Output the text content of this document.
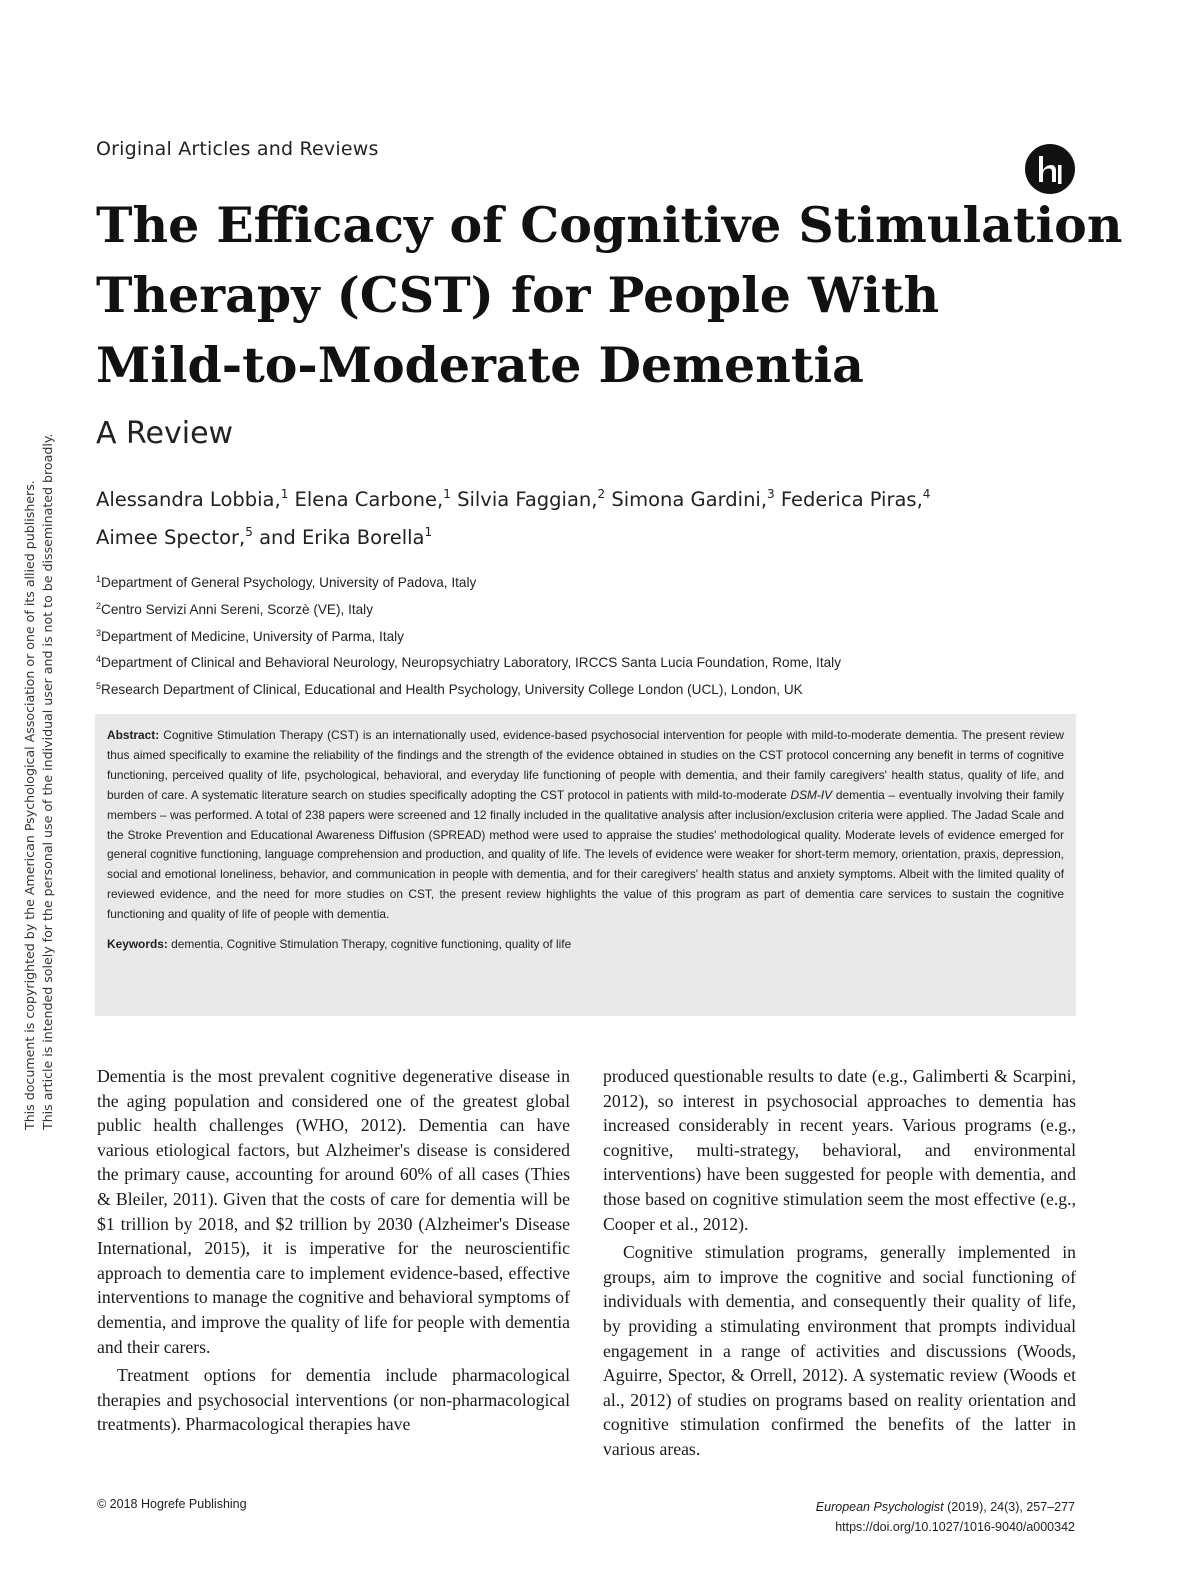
This document is copyrighted by the American Psychological Association or one of its allied publishers. This article is intended solely for the personal use of the individual user and is not to be disseminated broadly.
Original Articles and Reviews
The Efficacy of Cognitive Stimulation
Therapy (CST) for People With
Mild-to-Moderate Dementia
A Review
Alessandra Lobbia,$^1$ Elena Carbone,$^1$ Silvia Faggian,$^2$ Simona Gardini,$^3$ Federica Piras,$^4$
Aimee Spector,$^5$ and Erika Borella$^1$
$^1$Department of General Psychology, University of Padova, Italy
$^2$Centro Servizi Anni Sereni, Scorzè (VE), Italy
$^3$Department of Medicine, University of Parma, Italy
$^4$Department of Clinical and Behavioral Neurology, Neuropsychiatry Laboratory, IRCCS Santa Lucia Foundation, Rome, Italy
$^5$Research Department of Clinical, Educational and Health Psychology, University College London (UCL), London, UK

Abstract: Cognitive Stimulation Therapy (CST) is an internationally used, evidence-based psychosocial intervention for people with mild-to-moderate dementia. The present review thus aimed specifically to examine the reliability of the findings and the strength of the evidence obtained in studies on the CST protocol concerning any benefit in terms of cognitive functioning, perceived quality of life, psychological, behavioral, and everyday life functioning of people with dementia, and their family caregivers' health status, quality of life, and burden of care. A systematic literature search on studies specifically adopting the CST protocol in patients with mild-to-moderate DSM-IV dementia – eventually involving their family members – was performed. A total of 238 papers were screened and 12 finally included in the qualitative analysis after inclusion/exclusion criteria were applied. The Jadad Scale and the Stroke Prevention and Educational Awareness Diffusion (SPREAD) method were used to appraise the studies' methodological quality. Moderate levels of evidence emerged for general cognitive functioning, language comprehension and production, and quality of life. The levels of evidence were weaker for short-term memory, orientation, praxis, depression, social and emotional loneliness, behavior, and communication in people with dementia, and for their caregivers' health status and anxiety symptoms. Albeit with the limited quality of reviewed evidence, and the need for more studies on CST, the present review highlights the value of this program as part of dementia care services to sustain the cognitive functioning and quality of life of people with dementia.

Keywords: dementia, Cognitive Stimulation Therapy, cognitive functioning, quality of life

Dementia is the most prevalent cognitive degenerative disease in the aging population and considered one of the greatest global public health challenges (WHO, 2012). Dementia can have various etiological factors, but Alzheimer's disease is considered the primary cause, accounting for around 60% of all cases (Thies & Bleiler, 2011). Given that the costs of care for dementia will be $1 trillion by 2018, and $2 trillion by 2030 (Alzheimer's Disease International, 2015), it is imperative for the neuroscientific approach to dementia care to implement evidence-based, effective interventions to manage the cognitive and behavioral symptoms of dementia, and improve the quality of life for people with dementia and their carers.

Treatment options for dementia include pharmacological therapies and psychosocial interventions (or non-pharmacological treatments). Pharmacological therapies have

produced questionable results to date (e.g., Galimberti & Scarpini, 2012), so interest in psychosocial approaches to dementia has increased considerably in recent years. Various programs (e.g., cognitive, multi-strategy, behavioral, and environmental interventions) have been suggested for people with dementia, and those based on cognitive stimulation seem the most effective (e.g., Cooper et al., 2012).

Cognitive stimulation programs, generally implemented in groups, aim to improve the cognitive and social functioning of individuals with dementia, and consequently their quality of life, by providing a stimulating environment that prompts individual engagement in a range of activities and discussions (Woods, Aguirre, Spector, & Orrell, 2012). A systematic review (Woods et al., 2012) of studies on programs based on reality orientation and cognitive stimulation confirmed the benefits of the latter in various areas.

© 2018 Hogrefe Publishing	European Psychologist (2019), 24(3), 257–277
https://doi.org/10.1027/1016-9040/a000342
